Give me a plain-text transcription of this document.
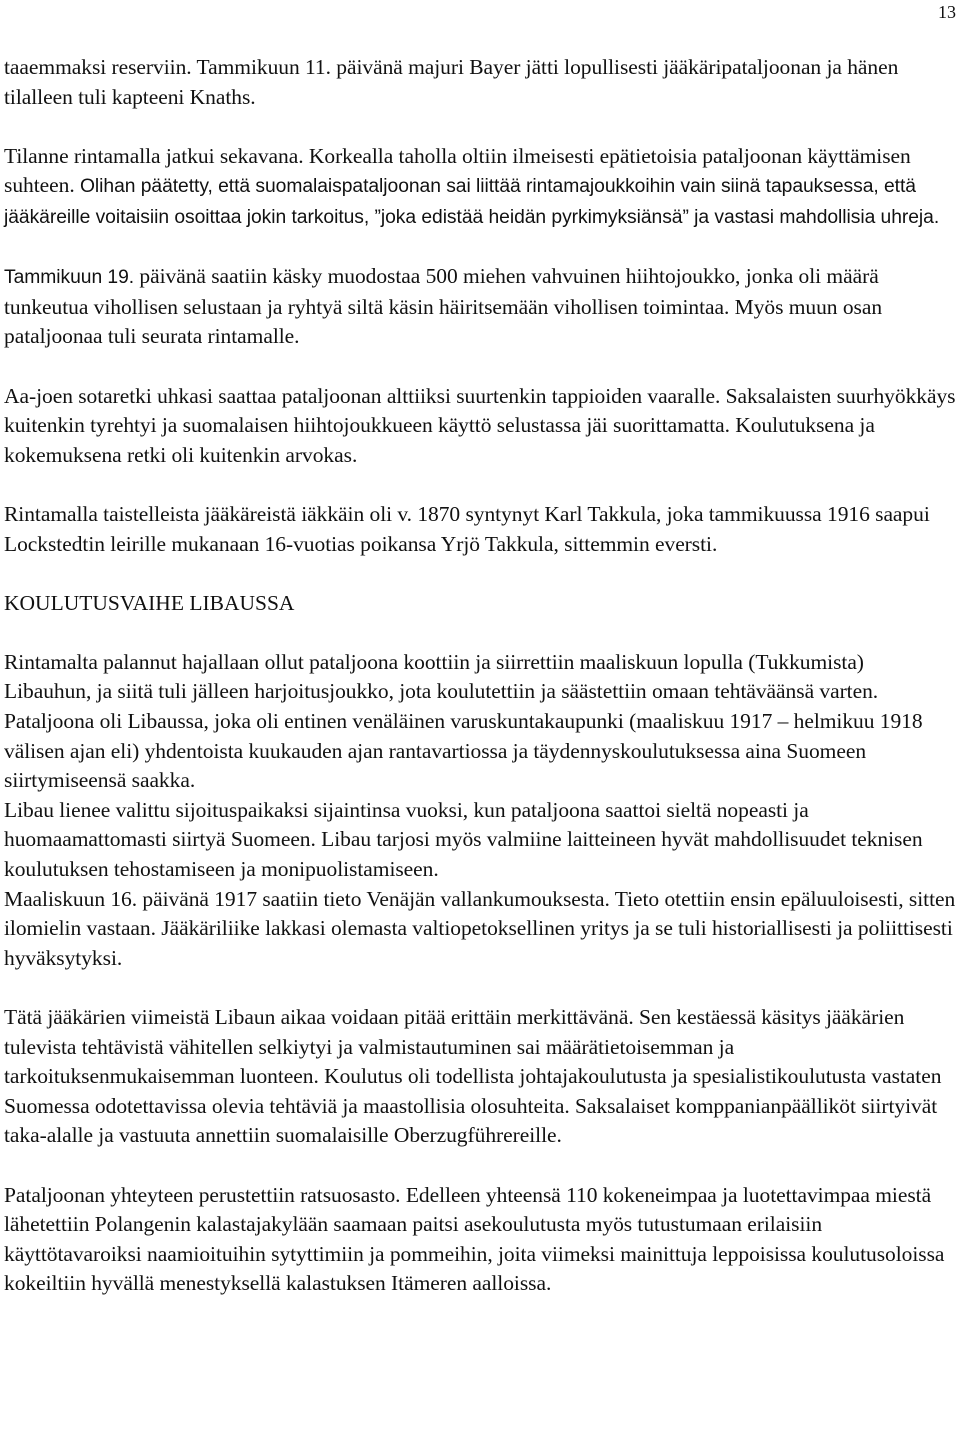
13

taaemmaksi reserviin. Tammikuun 11. päivänä majuri Bayer jätti lopullisesti jääkäripataljoonan ja hänen tilalleen tuli kapteeni Knaths.

Tilanne rintamalla jatkui sekavana. Korkealla taholla oltiin ilmeisesti epätietoisia pataljoonan käyttämisen suhteen. Olihan päätetty, että suomalaispataljoonan sai liittää rintamajoukkoihin vain siinä tapauksessa, että jääkäreille voitaisiin osoittaa jokin tarkoitus, ”joka edistää heidän pyrkimyksiänsä” ja vastasi mahdollisia uhreja.

Tammikuun 19. päivänä saatiin käsky muodostaa 500 miehen vahvuinen hiihtojoukko, jonka oli määrä tunkeutua vihollisen selustaan ja ryhtyä siltä käsin häiritsemään vihollisen toimintaa. Myös muun osan pataljoonaa tuli seurata rintamalle.

Aa-joen sotaretki uhkasi saattaa pataljoonan alttiiksi suurtenkin tappioiden vaaralle. Saksalaisten suurhyökkäys kuitenkin tyrehtyi ja suomalaisen hiihtojoukkueen käyttö selustassa jäi suorittamatta. Koulutuksena ja kokemuksena retki oli kuitenkin arvokas.

Rintamalla taistelleista jääkäreistä iäkkäin oli v. 1870 syntynyt Karl Takkula, joka tammikuussa 1916 saapui Lockstedtin leirille mukanaan 16-vuotias poikansa Yrjö Takkula, sittemmin eversti.

KOULUTUSVAIHE LIBAUSSA

Rintamalta palannut hajallaan ollut pataljoona koottiin ja siirrettiin maaliskuun lopulla (Tukkumista) Libauhun, ja siitä tuli jälleen harjoitusjoukko, jota koulutettiin ja säästettiin omaan tehtäväänsä varten. Pataljoona oli Libaussa, joka oli entinen venäläinen varuskuntakaupunki (maaliskuu 1917 – helmikuu 1918 välisen ajan eli) yhdentoista kuukauden ajan rantavartiossa ja täydennyskoulutuksessa aina Suomeen siirtymiseensä saakka.

Libau lienee valittu sijoituspaikaksi sijaintinsa vuoksi, kun pataljoona saattoi sieltä nopeasti ja huomaamattomasti siirtyä Suomeen. Libau tarjosi myös valmiine laitteineen hyvät mahdollisuudet teknisen koulutuksen tehostamiseen ja monipuolistamiseen.

Maaliskuun 16. päivänä 1917 saatiin tieto Venäjän vallankumouksesta. Tieto otettiin ensin epäluuloisesti, sitten ilomielin vastaan. Jääkäriliike lakkasi olemasta valtiopetoksellinen yritys ja se tuli historiallisesti ja poliittisesti hyväksytyksi.

Tätä jääkärien viimeistä Libaun aikaa voidaan pitää erittäin merkittävänä. Sen kestäessä käsitys jääkärien tulevista tehtävistä vähitellen selkiytyi ja valmistautuminen sai määrätietoisemman ja tarkoituksenmukaisemman luonteen. Koulutus oli todellista johtajakoulutusta ja spesialistikoulutusta vastaten Suomessa odotettavissa olevia tehtäviä ja maastollisia olosuhteita. Saksalaiset komppanianpäälliköt siirtyivät taka-alalle ja vastuuta annettiin suomalaisille Oberzugführereille.

Pataljoonan yhteyteen perustettiin ratsuosasto. Edelleen yhteensä 110 kokeneimpaa ja luotettavimpaa miestä lähetettiin Polangenin kalastajakylään saamaan paitsi asekoulutusta myös tutustumaan erilaisiin käyttötavaroiksi naamioituihin sytyttimiin ja pommeihin, joita viimeksi mainittuja leppoisissa koulutusoloissa kokeiltiin hyvällä menestyksellä kalastuksen Itämeren aalloissa.
